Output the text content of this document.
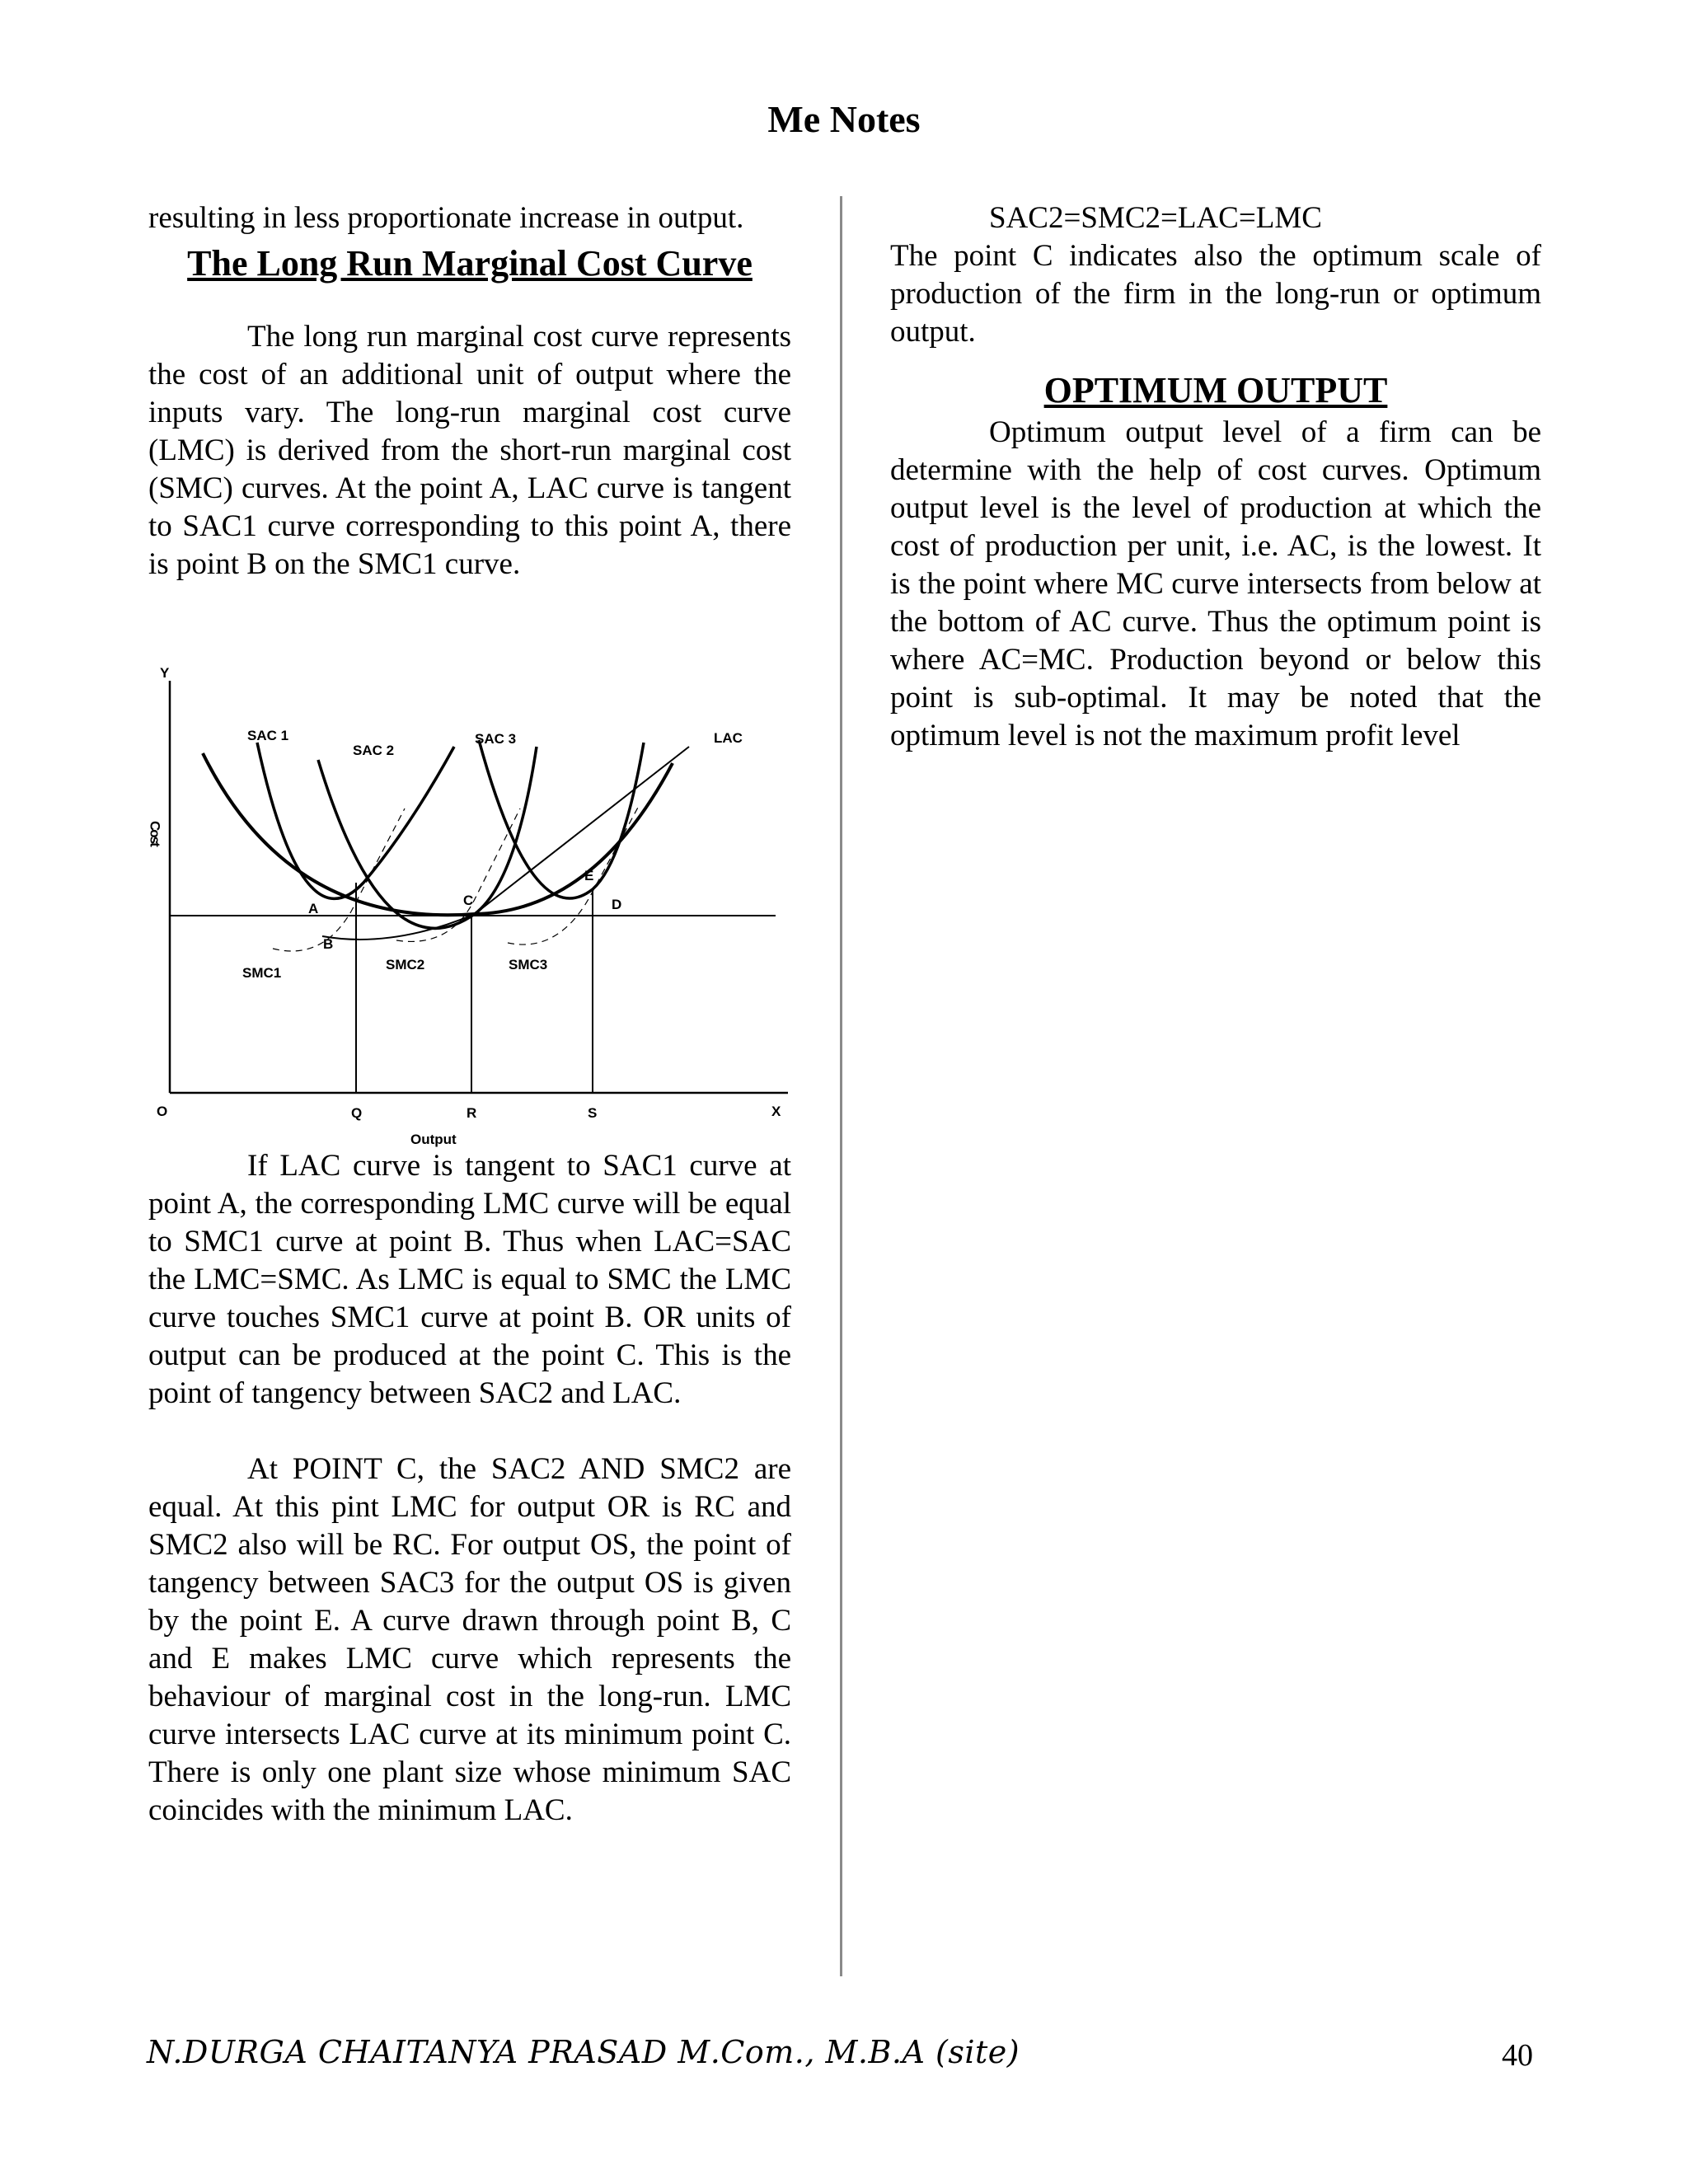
Me Notes

resulting in less proportionate increase in output.

The Long Run Marginal Cost Curve

The long run marginal cost curve represents the cost of an additional unit of output where the inputs vary. The long-run marginal cost curve (LMC) is derived from the short-run marginal cost (SMC) curves. At the point A, LAC curve is tangent to SAC1 curve corresponding to this point A, there is point B on the SMC1 curve.

Y
X
O	Q	R	S
Output
Cost
SAC 1
SAC 2
SAC 3	LAC
SMC1
SMC2	SMC3
A
B
C	D
E

If LAC curve is tangent to SAC1 curve at point A, the corresponding LMC curve will be equal to SMC1 curve at point B. Thus when LAC=SAC the LMC=SMC. As LMC is equal to SMC the LMC curve touches SMC1 curve at point B. OR units of output can be produced at the point C. This is the point of tangency between SAC2 and LAC.

At POINT C, the SAC2 AND SMC2 are equal. At this pint LMC for output OR is RC and SMC2 also will be RC. For output OS, the point of tangency between SAC3 for the output OS is given by the point E. A curve drawn through point B, C and E makes LMC curve which represents the behaviour of marginal cost in the long-run. LMC curve intersects LAC curve at its minimum point C. There is only one plant size whose minimum SAC coincides with the minimum LAC.

SAC2=SMC2=LAC=LMC

The point C indicates also the optimum scale of production of the firm in the long-run or optimum output.

OPTIMUM OUTPUT

Optimum output level of a firm can be determine with the help of cost curves. Optimum output level is the level of production at which the cost of production per unit, i.e. AC, is the lowest. It is the point where MC curve intersects from below at the bottom of AC curve. Thus the optimum point is where AC=MC. Production beyond or below this point is sub-optimal. It may be noted that the optimum level is not the maximum profit level

N.DURGA CHAITANYA PRASAD M.Com., M.B.A (site)	40
